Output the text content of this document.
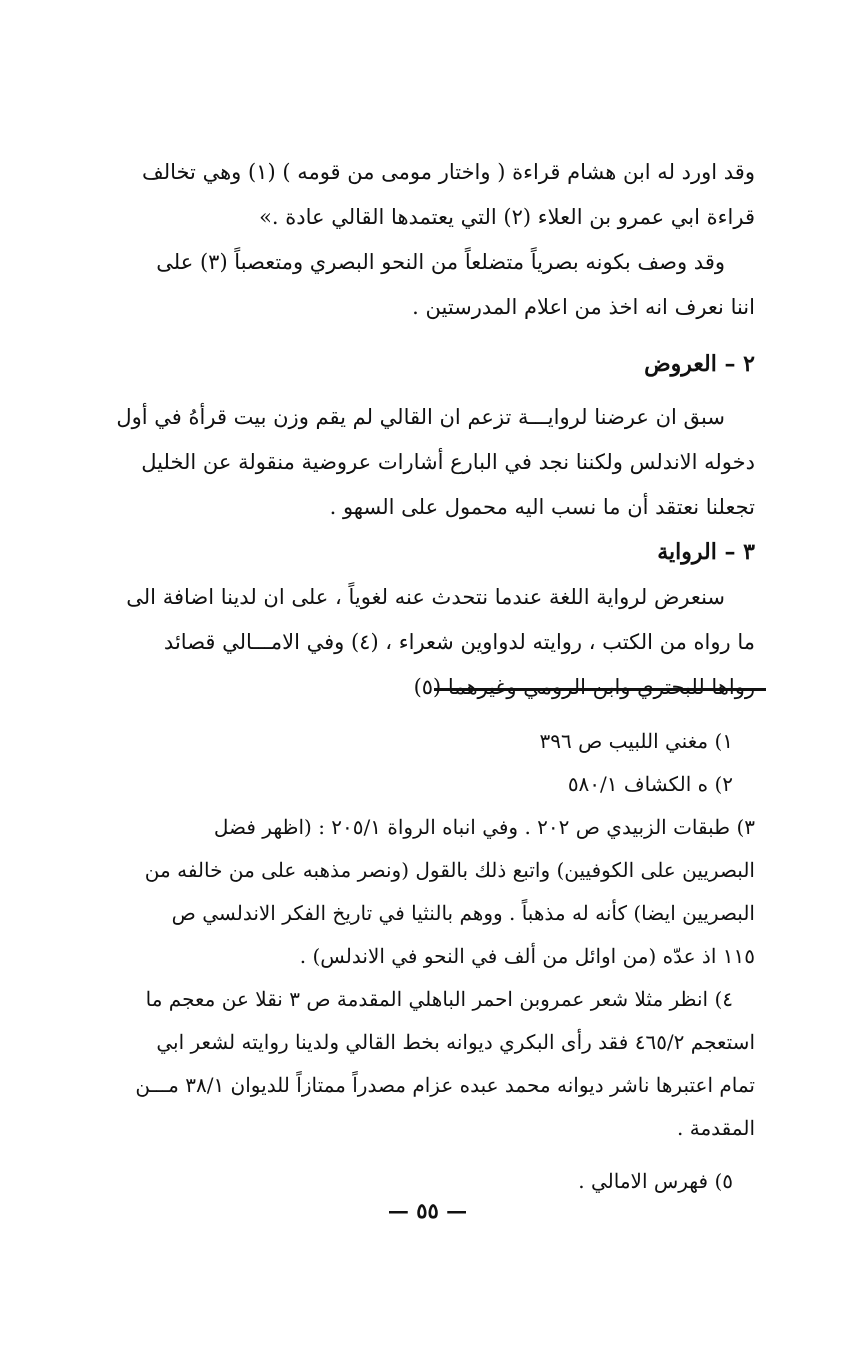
وقد اورد له ابن هشام قراءة ( واختار مومى من قومه ) (١) وهي تخالف

قراءة ابي عمرو بن العلاء (٢) التي يعتمدها القالي عادة .»

وقد وصف بكونه بصرياً متضلعاً من النحو البصري ومتعصباً (٣) على

اننا نعرف انه اخذ من اعلام المدرستين .

٢ – العروض

سبق ان عرضنا لروايـــة تزعم ان القالي لم يقم وزن بيت قرأهُ في أول

دخوله الاندلس ولكننا نجد في البارع أشارات عروضية منقولة عن الخليل

تجعلنا نعتقد أن ما نسب اليه محمول على السهو .

٣ – الرواية

سنعرض لرواية اللغة عندما نتحدث عنه لغوياً ، على ان لدينا اضافة الى

ما رواه من الكتب ، روايته لدواوين شعراء ، (٤) وفي الامـــالي قصائد

رواها للبحتري وابن الرومي وغيرهما (٥)

١) مغني اللبيب ص ٣٩٦

٢) ه الكشاف ٥٨٠/١

٣) طبقات الزبيدي ص ٢٠٢ . وفي انباه الرواة ٢٠٥/١ : (اظهر فضل

البصريين على الكوفيين) واتبع ذلك بالقول (ونصر مذهبه على من خالفه من

البصريين ايضا) كأنه له مذهباً . ووهم بالنثيا في تاريخ الفكر الاندلسي ص

١١٥ اذ عدّه (من اوائل من ألف في النحو في الاندلس) .

٤) انظر مثلا شعر عمروبن احمر الباهلي المقدمة ص ٣ نقلا عن معجم ما

استعجم ٤٦٥/٢ فقد رأى البكري ديوانه بخط القالي ولدينا روايته لشعر ابي

تمام اعتبرها ناشر ديوانه محمد عبده عزام مصدراً ممتازاً للديوان ٣٨/١ مـــن

المقدمة .

٥) فهرس الامالي .

— ٥٥ —
